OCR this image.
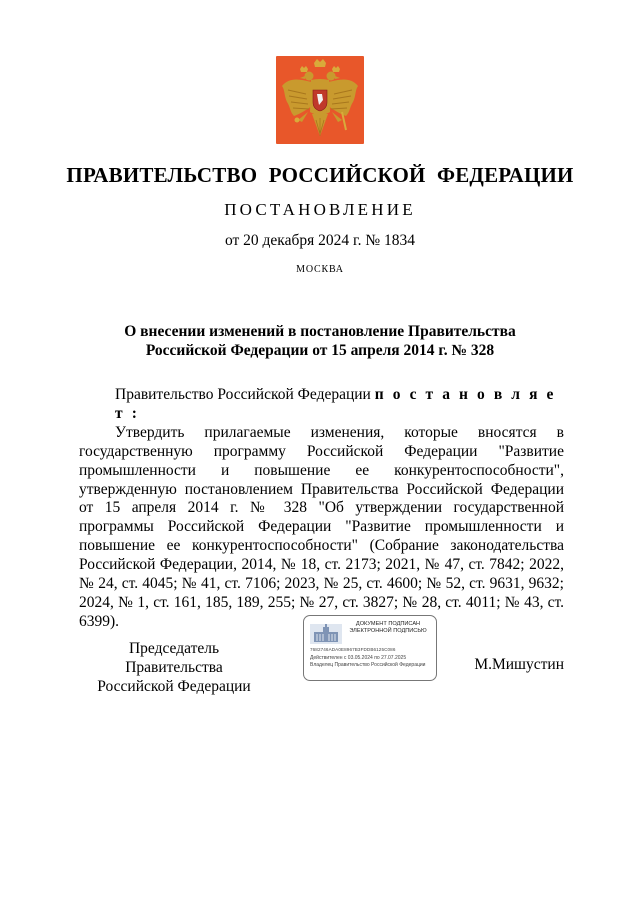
ПРАВИТЕЛЬСТВО РОССИЙСКОЙ ФЕДЕРАЦИИ
ПОСТАНОВЛЕНИЕ
от 20 декабря 2024 г. № 1834
МОСКВА
О внесении изменений в постановление Правительства
Российской Федерации от 15 апреля 2014 г. № 328
Правительство Российской Федерации п о с т а н о в л я е т :

Утвердить прилагаемые изменения, которые вносятся в государственную программу Российской Федерации "Развитие промышленности и повышение ее конкурентоспособности", утвержденную постановлением Правительства Российской Федерации от 15 апреля 2014 г. № 328 "Об утверждении государственной программы Российской Федерации "Развитие промышленности и повышение ее конкурентоспособности" (Собрание законодательства Российской Федерации, 2014, № 18, ст. 2173; 2021, № 47, ст. 7842; 2022, № 24, ст. 4045; № 41, ст. 7106; 2023, № 25, ст. 4600; № 52, ст. 9631, 9632; 2024, № 1, ст. 161, 185, 189, 255; № 27, ст. 3827; № 28, ст. 4011; № 43, ст. 6399).

Председатель Правительства
Российской Федерации
ДОКУМЕНТ ПОДПИСАН
ЭЛЕКТРОННОЙ ПОДПИСЬЮ
7682746ADA0E8967B3FDDB6125C086
Действителен с 03.05.2024 по 27.07.2025
Владелец Правительство Российской Федерации	М.Мишустин
